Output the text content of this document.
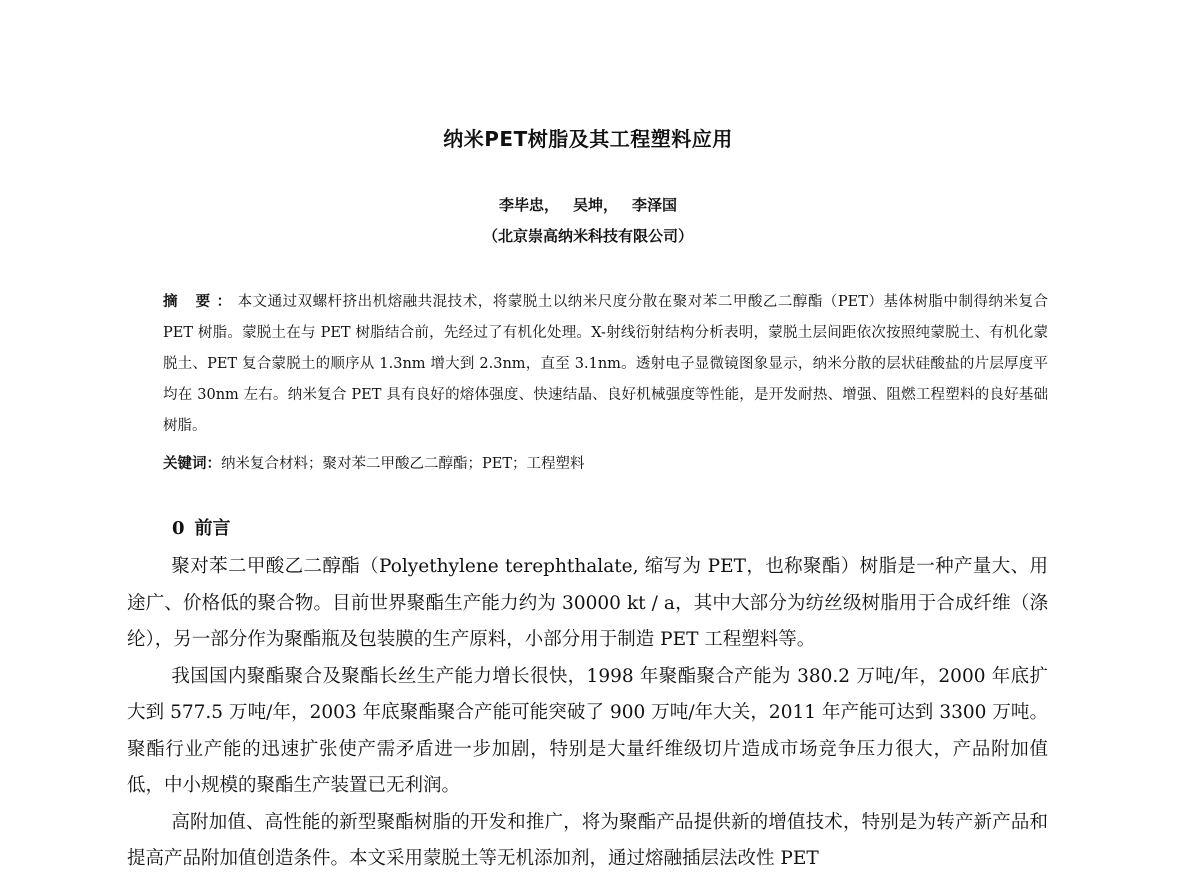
纳米PET树脂及其工程塑料应用
李毕忠， 吴坤， 李泽国
（北京崇高纳米科技有限公司）
摘 要：本文通过双螺杆挤出机熔融共混技术，将蒙脱土以纳米尺度分散在聚对苯二甲酸乙二醇酯（PET）基体树脂中制得纳米复合 PET 树脂。蒙脱土在与 PET 树脂结合前，先经过了有机化处理。X-射线衍射结构分析表明，蒙脱土层间距依次按照纯蒙脱土、有机化蒙脱土、PET 复合蒙脱土的顺序从 1.3nm 增大到 2.3nm，直至 3.1nm。透射电子显微镜图象显示，纳米分散的层状硅酸盐的片层厚度平均在 30nm 左右。纳米复合 PET 具有良好的熔体强度、快速结晶、良好机械强度等性能，是开发耐热、增强、阻燃工程塑料的良好基础树脂。
关键词：纳米复合材料；聚对苯二甲酸乙二醇酯；PET；工程塑料
0 前言

聚对苯二甲酸乙二醇酯（Polyethylene terephthalate, 缩写为 PET，也称聚酯）树脂是一种产量大、用途广、价格低的聚合物。目前世界聚酯生产能力约为 30000 kt / a，其中大部分为纺丝级树脂用于合成纤维（涤纶），另一部分作为聚酯瓶及包装膜的生产原料，小部分用于制造 PET 工程塑料等。

我国国内聚酯聚合及聚酯长丝生产能力增长很快，1998 年聚酯聚合产能为 380.2 万吨/年，2000 年底扩大到 577.5 万吨/年，2003 年底聚酯聚合产能可能突破了 900 万吨/年大关，2011 年产能可达到 3300 万吨。聚酯行业产能的迅速扩张使产需矛盾进一步加剧，特别是大量纤维级切片造成市场竞争压力很大，产品附加值低，中小规模的聚酯生产装置已无利润。

高附加值、高性能的新型聚酯树脂的开发和推广，将为聚酯产品提供新的增值技术，特别是为转产新产品和提高产品附加值创造条件。本文采用蒙脱土等无机添加剂，通过熔融插层法改性 PET
